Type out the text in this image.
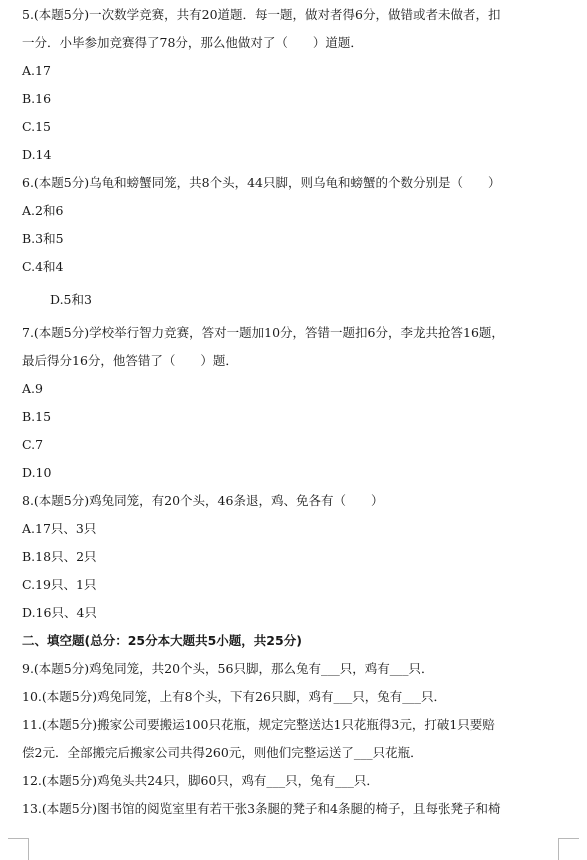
5.(本题5分)一次数学竞赛，共有20道题．每一题，做对者得6分，做错或者未做者，扣
一分．小毕参加竞赛得了78分，那么他做对了（　　）道题．
A.17
B.16
C.15
D.14
6.(本题5分)乌龟和螃蟹同笼，共8个头，44只脚，则乌龟和螃蟹的个数分别是（　　）
A.2和6
B.3和5
C.4和4
D.5和3
7.(本题5分)学校举行智力竞赛，答对一题加10分，答错一题扣6分，李龙共抢答16题，
最后得分16分，他答错了（　　）题．
A.9
B.15
C.7
D.10
8.(本题5分)鸡兔同笼，有20个头，46条退，鸡、免各有（　　）
A.17只、3只
B.18只、2只
C.19只、1只
D.16只、4只
二、填空题(总分：25分本大题共5小题，共25分)
9.(本题5分)鸡兔同笼，共20个头，56只脚，那么兔有___只，鸡有___只．
10.(本题5分)鸡兔同笼，上有8个头，下有26只脚，鸡有___只，兔有___只．
11.(本题5分)搬家公司要搬运100只花瓶，规定完整送达1只花瓶得3元，打破1只要赔
偿2元．全部搬完后搬家公司共得260元，则他们完整运送了___只花瓶．
12.(本题5分)鸡兔头共24只，脚60只，鸡有___只，兔有___只．
13.(本题5分)图书馆的阅览室里有若干张3条腿的凳子和4条腿的椅子，且每张凳子和椅
